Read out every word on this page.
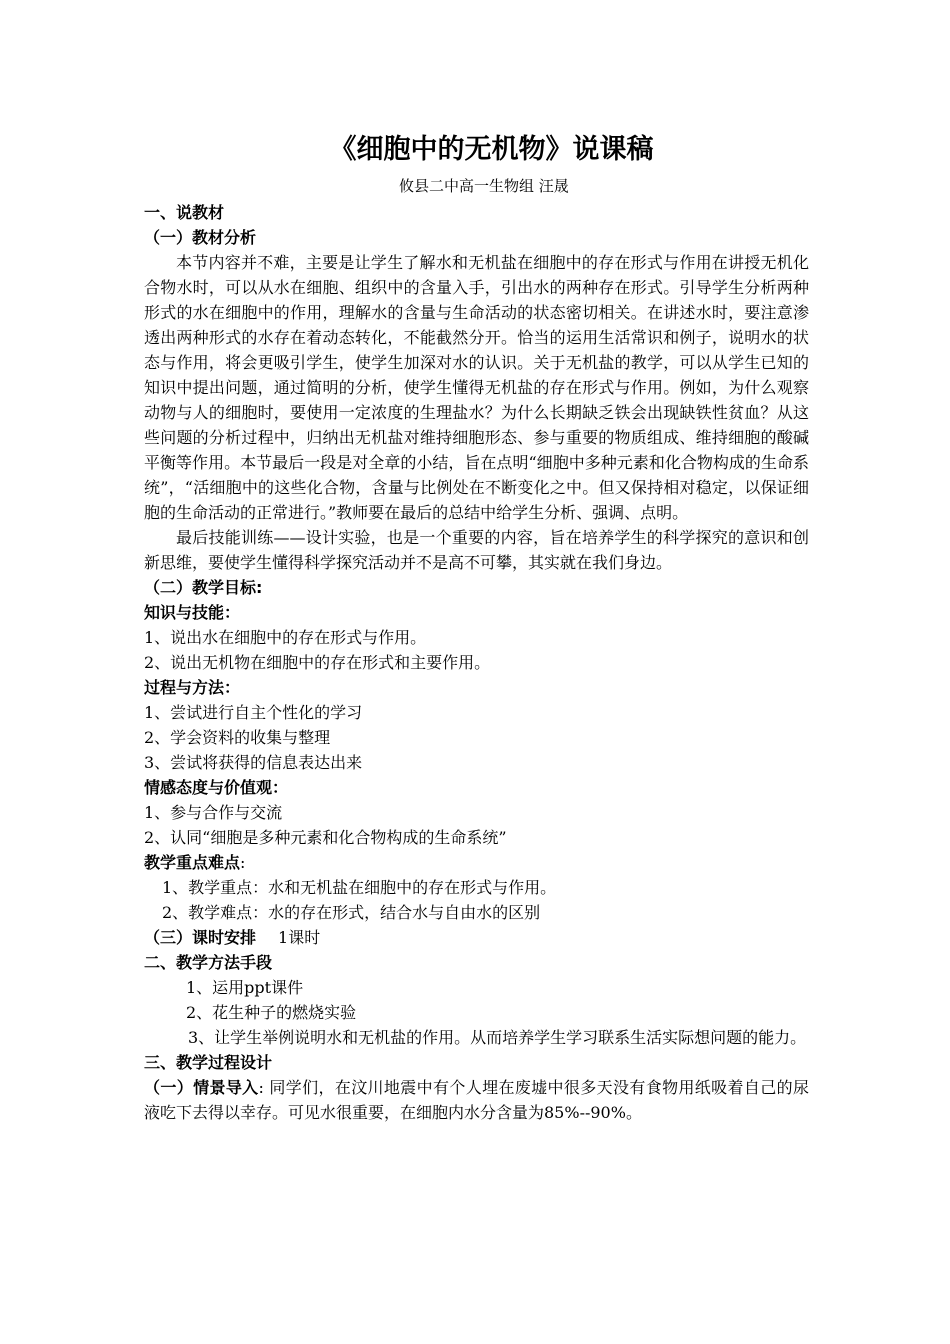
《细胞中的无机物》说课稿
攸县二中高一生物组 汪晟
一、说教材
（一）教材分析
本节内容并不难，主要是让学生了解水和无机盐在细胞中的存在形式与作用在讲授无机化合物水时，可以从水在细胞、组织中的含量入手，引出水的两种存在形式。引导学生分析两种形式的水在细胞中的作用，理解水的含量与生命活动的状态密切相关。在讲述水时，要注意渗透出两种形式的水存在着动态转化，不能截然分开。恰当的运用生活常识和例子，说明水的状态与作用，将会更吸引学生，使学生加深对水的认识。关于无机盐的教学，可以从学生已知的知识中提出问题，通过简明的分析，使学生懂得无机盐的存在形式与作用。例如，为什么观察动物与人的细胞时，要使用一定浓度的生理盐水？为什么长期缺乏铁会出现缺铁性贫血？从这些问题的分析过程中，归纳出无机盐对维持细胞形态、参与重要的物质组成、维持细胞的酸碱平衡等作用。本节最后一段是对全章的小结，旨在点明“细胞中多种元素和化合物构成的生命系统”，“活细胞中的这些化合物，含量与比例处在不断变化之中。但又保持相对稳定，以保证细胞的生命活动的正常进行。”教师要在最后的总结中给学生分析、强调、点明。
最后技能训练——设计实验，也是一个重要的内容，旨在培养学生的科学探究的意识和创新思维，要使学生懂得科学探究活动并不是高不可攀，其实就在我们身边。
（二）教学目标:
知识与技能：
1、说出水在细胞中的存在形式与作用。
2、说出无机物在细胞中的存在形式和主要作用。
过程与方法：
1、尝试进行自主个性化的学习
2、学会资料的收集与整理
3、尝试将获得的信息表达出来
情感态度与价值观：
1、参与合作与交流
2、认同“细胞是多种元素和化合物构成的生命系统”
教学重点难点:
1、教学重点：水和无机盐在细胞中的存在形式与作用。
2、教学难点：水的存在形式，结合水与自由水的区别
（三）课时安排 1课时
二、教学方法手段
1、运用ppt课件
2、花生种子的燃烧实验
3、让学生举例说明水和无机盐的作用。从而培养学生学习联系生活实际想问题的能力。
三、教学过程设计
（一）情景导入: 同学们，在汶川地震中有个人埋在废墟中很多天没有食物用纸吸着自己的尿液吃下去得以幸存。可见水很重要，在细胞内水分含量为85%--90%。
